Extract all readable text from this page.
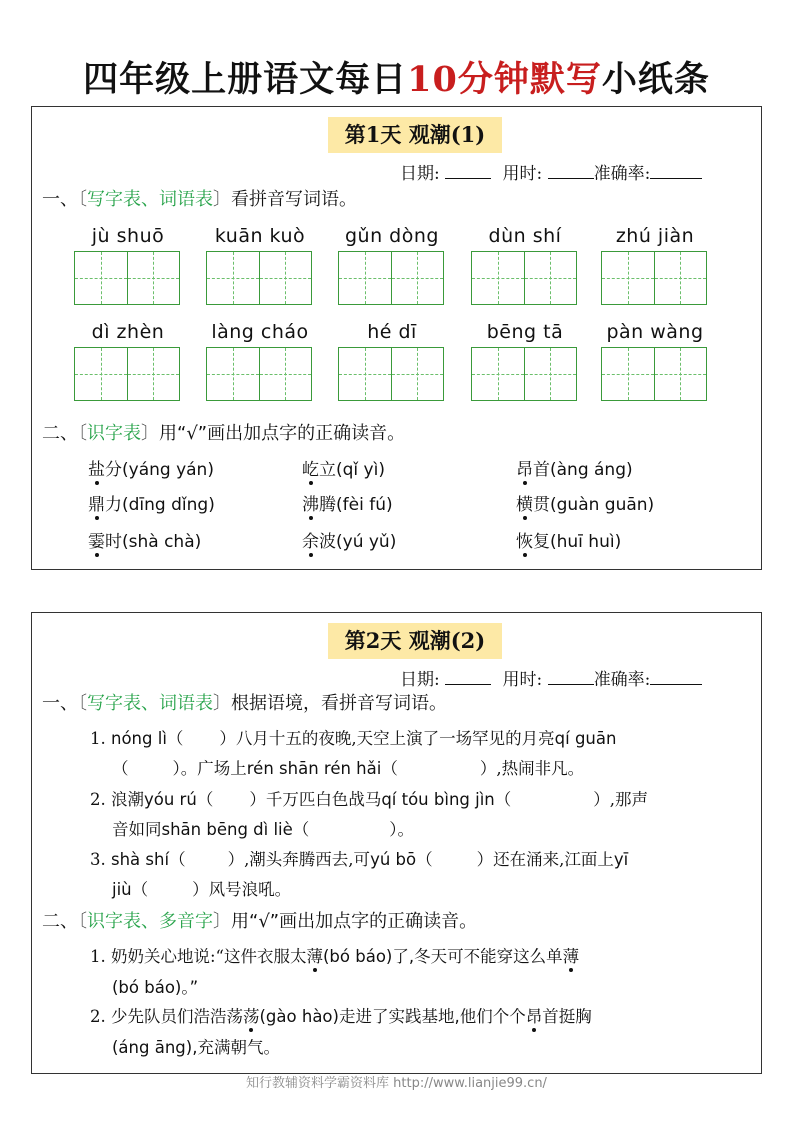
四年级上册语文每日10分钟默写小纸条
第1天 观潮(1)
日期:	用时:	准确率:
一、〔写字表、词语表〕看拼音写词语。
jù shuō	kuān kuò	gǔn dòng	dùn shí	zhú jiàn
dì zhèn	làng cháo	hé dī	bēng tā	pàn wàng
二、〔识字表〕用“√”画出加点字的正确读音。
盐分(yáng yán)	屹立(qǐ yì)	昂首(àng áng)
鼎力(dīng dǐng)	沸腾(fèi fú)	横贯(guàn guān)
霎时(shà chà)	余波(yú yǔ)	恢复(huī huì)
第2天 观潮(2)
日期:	用时:	准确率:
一、〔写字表、词语表〕根据语境，看拼音写词语。
1. nóng lì（ ）八月十五的夜晚,天空上演了一场罕见的月亮qí guān
（	）。广场上rén shān rén hǎi（	）,热闹非凡。
2. 浪潮yóu rú（ ）千万匹白色战马qí tóu bìng jìn（	）,那声
音如同shān bēng dì liè（	）。
3. shà shí（	）,潮头奔腾西去,可yú bō（	）还在涌来,江面上yī
jiù（	）风号浪吼。
二、〔识字表、多音字〕用“√”画出加点字的正确读音。
1. 奶奶关心地说:“这件衣服太薄(bó báo)了,冬天可不能穿这么单薄
(bó báo)。”
2. 少先队员们浩浩荡荡(gào hào)走进了实践基地,他们个个昂首挺胸
(áng āng),充满朝气。
知行教辅资料学霸资料库 http://www.lianjie99.cn/
